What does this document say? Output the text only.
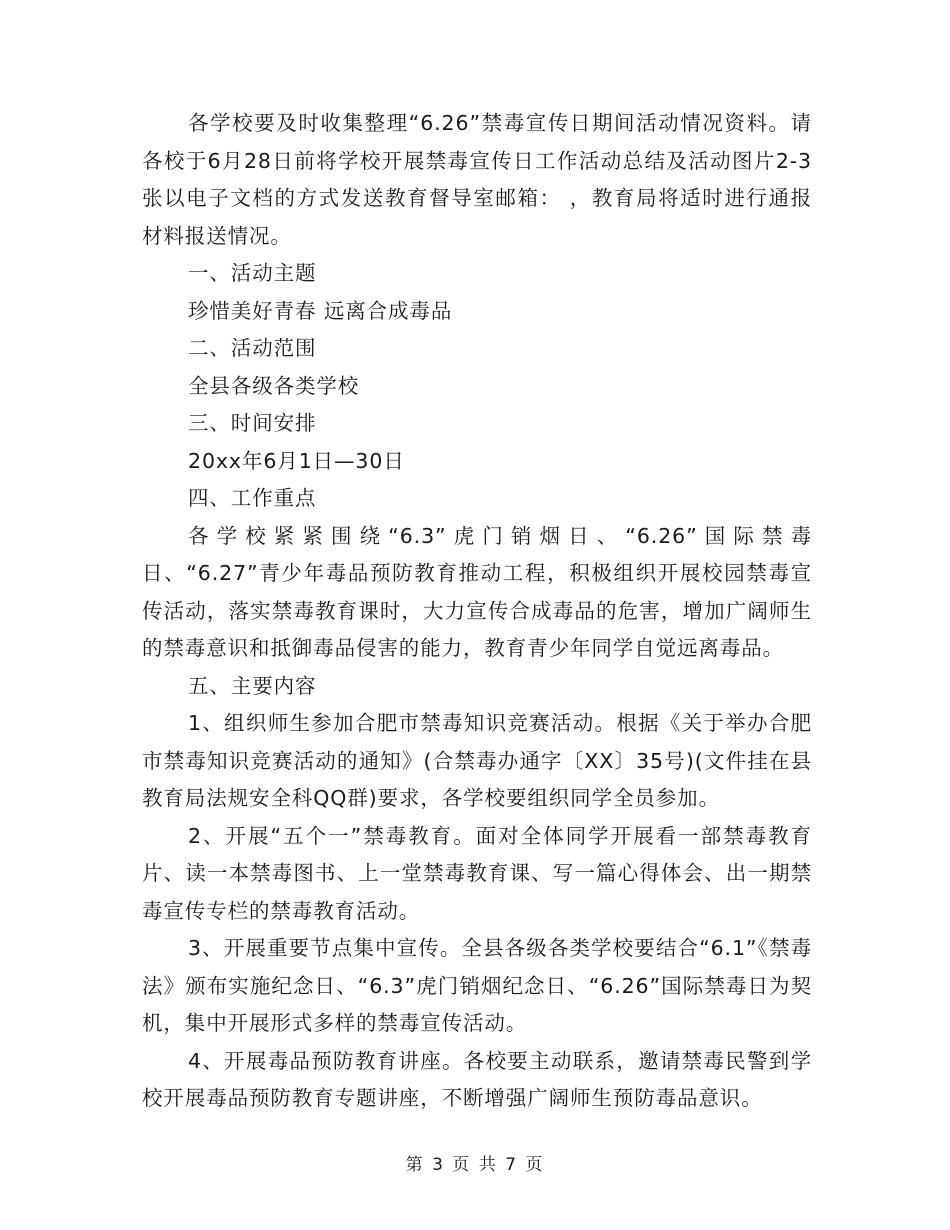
各学校要及时收集整理“6.26”禁毒宣传日期间活动情况资料。请各校于6月28日前将学校开展禁毒宣传日工作活动总结及活动图片2-3张以电子文档的方式发送教育督导室邮箱： ，教育局将适时进行通报材料报送情况。

一、活动主题

珍惜美好青春 远离合成毒品

二、活动范围

全县各级各类学校

三、时间安排

20xx年6月1日—30日

四、工作重点

各学校紧紧围绕“6.3”虎门销烟日、“6.26”国际禁毒日、“6.27”青少年毒品预防教育推动工程，积极组织开展校园禁毒宣传活动，落实禁毒教育课时，大力宣传合成毒品的危害，增加广阔师生的禁毒意识和抵御毒品侵害的能力，教育青少年同学自觉远离毒品。

五、主要内容

1、组织师生参加合肥市禁毒知识竞赛活动。根据《关于举办合肥市禁毒知识竞赛活动的通知》(合禁毒办通字〔XX〕35号)(文件挂在县教育局法规安全科QQ群)要求，各学校要组织同学全员参加。

2、开展“五个一”禁毒教育。面对全体同学开展看一部禁毒教育片、读一本禁毒图书、上一堂禁毒教育课、写一篇心得体会、出一期禁毒宣传专栏的禁毒教育活动。

3、开展重要节点集中宣传。全县各级各类学校要结合“6.1”《禁毒法》颁布实施纪念日、“6.3”虎门销烟纪念日、“6.26”国际禁毒日为契机，集中开展形式多样的禁毒宣传活动。

4、开展毒品预防教育讲座。各校要主动联系，邀请禁毒民警到学校开展毒品预防教育专题讲座，不断增强广阔师生预防毒品意识。

第 3 页 共 7 页
